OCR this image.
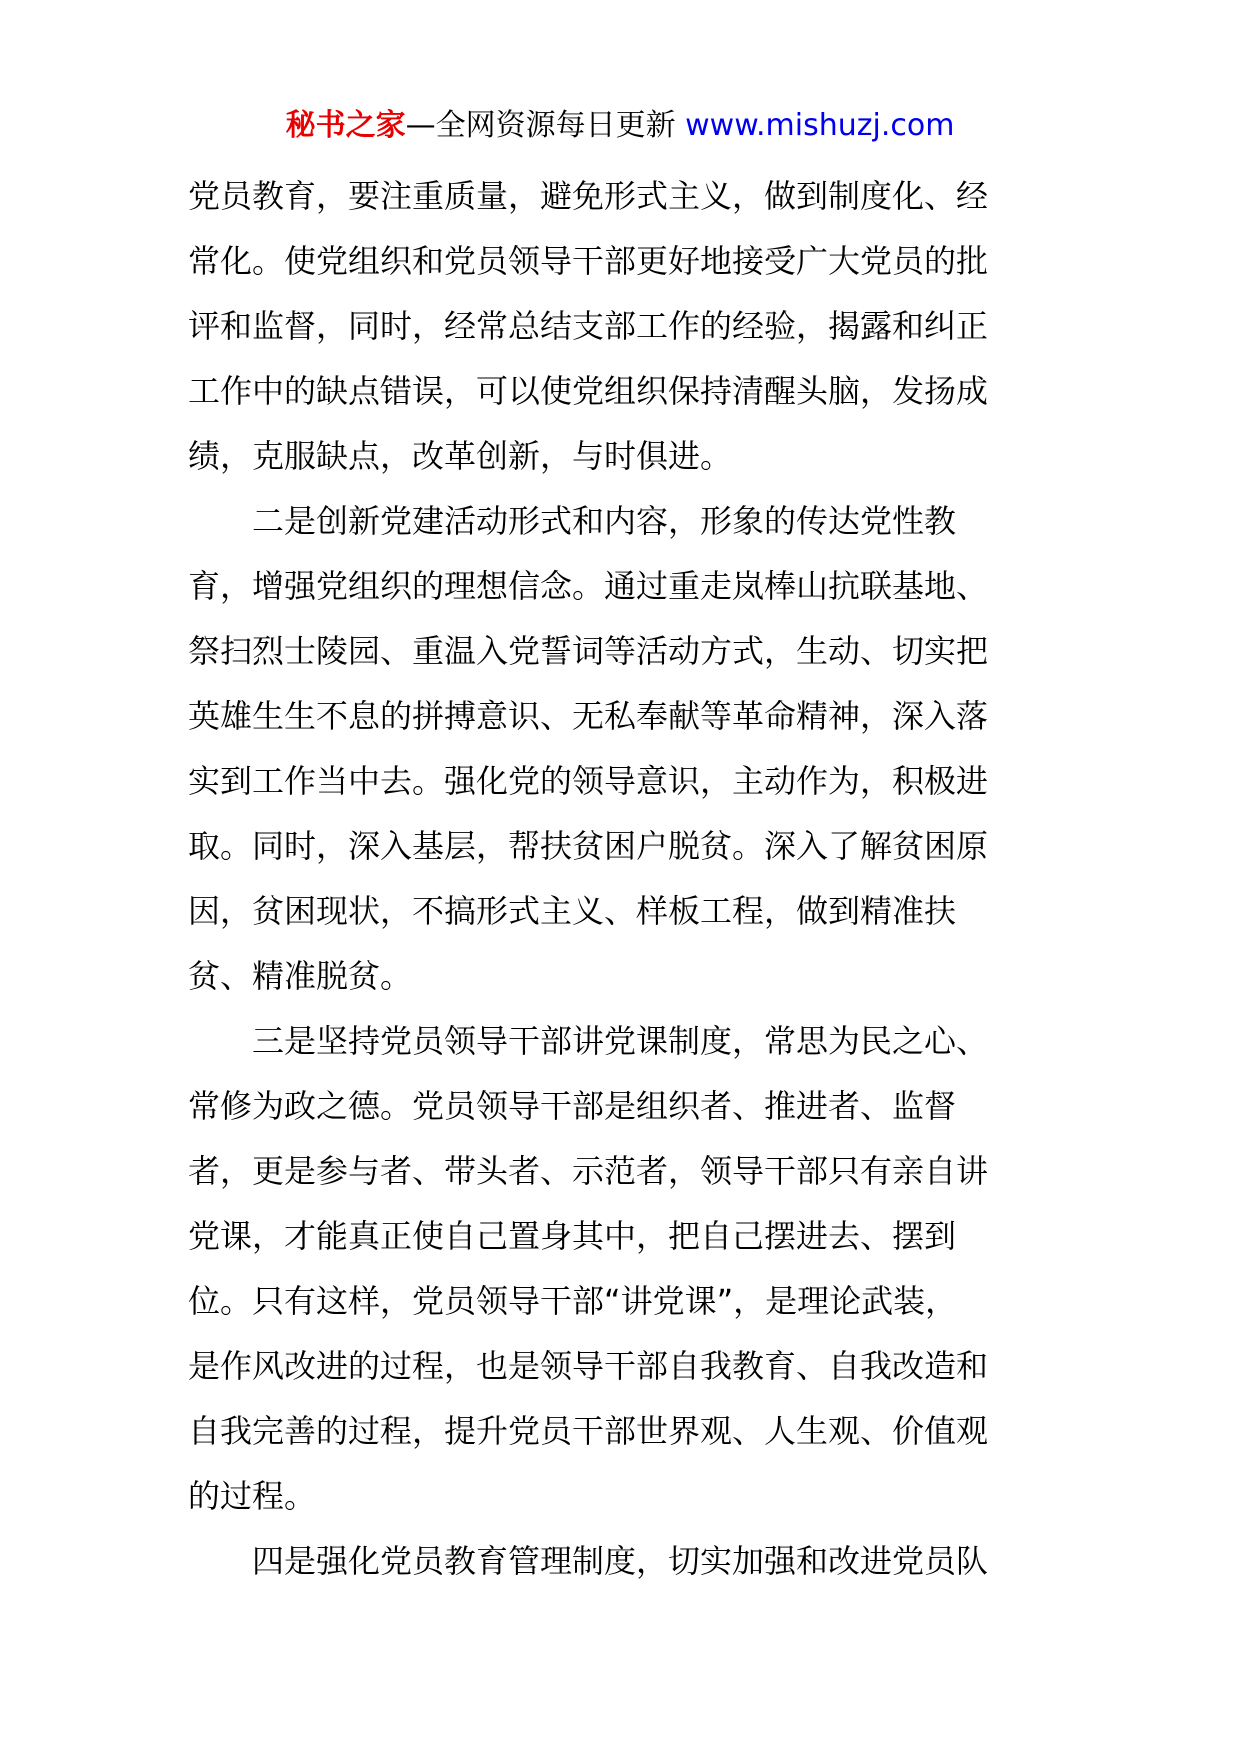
秘书之家—全网资源每日更新 www.mishuzj.com
党员教育，要注重质量，避免形式主义，做到制度化、经
常化。使党组织和党员领导干部更好地接受广大党员的批
评和监督，同时，经常总结支部工作的经验，揭露和纠正
工作中的缺点错误，可以使党组织保持清醒头脑，发扬成
绩，克服缺点，改革创新，与时俱进。
二是创新党建活动形式和内容，形象的传达党性教
育，增强党组织的理想信念。通过重走岚棒山抗联基地、
祭扫烈士陵园、重温入党誓词等活动方式，生动、切实把
英雄生生不息的拼搏意识、无私奉献等革命精神，深入落
实到工作当中去。强化党的领导意识，主动作为，积极进
取。同时，深入基层，帮扶贫困户脱贫。深入了解贫困原
因，贫困现状，不搞形式主义、样板工程，做到精准扶
贫、精准脱贫。
三是坚持党员领导干部讲党课制度，常思为民之心、
常修为政之德。党员领导干部是组织者、推进者、监督
者，更是参与者、带头者、示范者，领导干部只有亲自讲
党课，才能真正使自己置身其中，把自己摆进去、摆到
位。只有这样，党员领导干部“讲党课”，是理论武装，
是作风改进的过程，也是领导干部自我教育、自我改造和
自我完善的过程，提升党员干部世界观、人生观、价值观
的过程。
四是强化党员教育管理制度，切实加强和改进党员队
